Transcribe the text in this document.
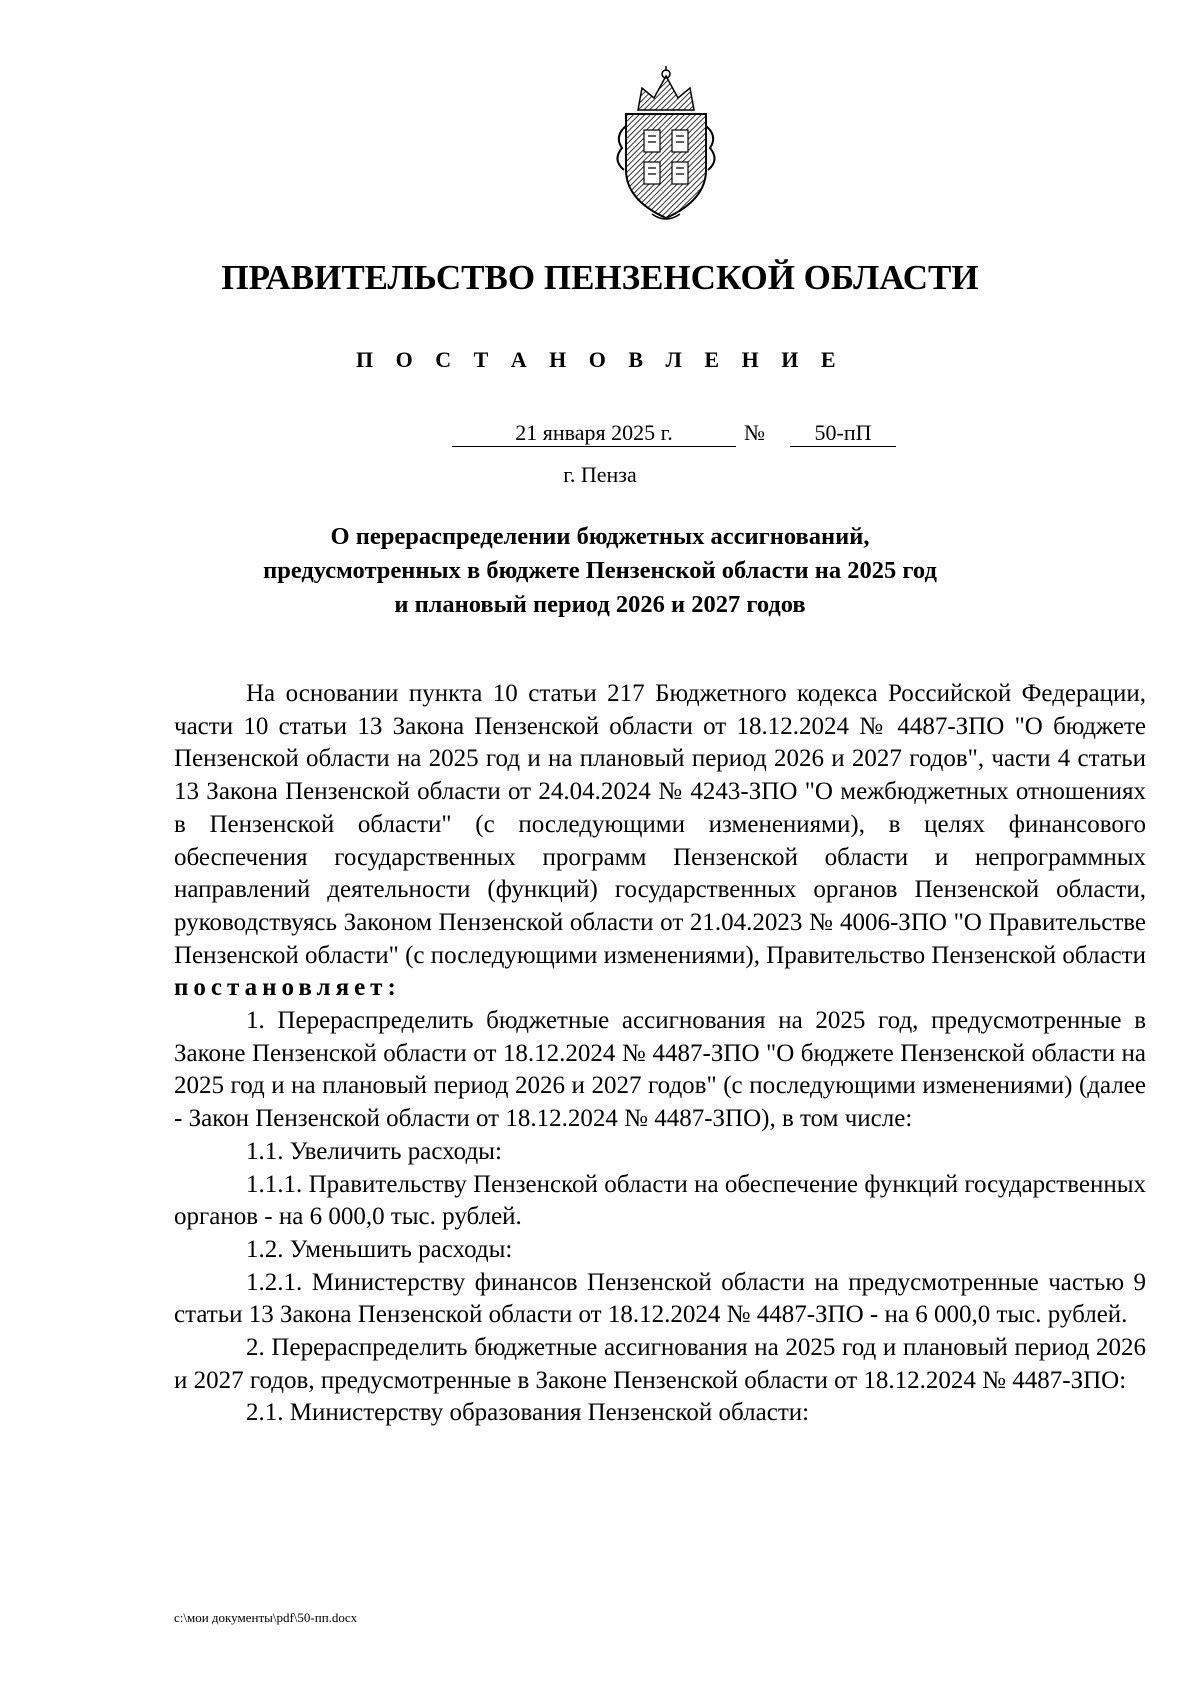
ПРАВИТЕЛЬСТВО ПЕНЗЕНСКОЙ ОБЛАСТИ
П О С Т А Н О В Л Е Н И Е
21 января 2025 г.	№	50-пП
г. Пенза
О перераспределении бюджетных ассигнований,
предусмотренных в бюджете Пензенской области на 2025 год
и плановый период 2026 и 2027 годов

На основании пункта 10 статьи 217 Бюджетного кодекса Российской Федерации, части 10 статьи 13 Закона Пензенской области от 18.12.2024 № 4487-ЗПО "О бюджете Пензенской области на 2025 год и на плановый период 2026 и 2027 годов", части 4 статьи 13 Закона Пензенской области от 24.04.2024 № 4243-ЗПО "О межбюджетных отношениях в Пензенской области" (с последующими изменениями), в целях финансового обеспечения государственных программ Пензенской области и непрограммных направлений деятельности (функций) государственных органов Пензенской области, руководствуясь Законом Пензенской области от 21.04.2023 № 4006-ЗПО "О Правительстве Пензенской области" (с последующими изменениями), Правительство Пензенской области постановляет:

1. Перераспределить бюджетные ассигнования на 2025 год, предусмотренные в Законе Пензенской области от 18.12.2024 № 4487-ЗПО "О бюджете Пензенской области на 2025 год и на плановый период 2026 и 2027 годов" (с последующими изменениями) (далее - Закон Пензенской области от 18.12.2024 № 4487-ЗПО), в том числе:

1.1. Увеличить расходы:

1.1.1. Правительству Пензенской области на обеспечение функций государственных органов - на 6 000,0 тыс. рублей.

1.2. Уменьшить расходы:

1.2.1. Министерству финансов Пензенской области на предусмотренные частью 9 статьи 13 Закона Пензенской области от 18.12.2024 № 4487-ЗПО - на 6 000,0 тыс. рублей.

2. Перераспределить бюджетные ассигнования на 2025 год и плановый период 2026 и 2027 годов, предусмотренные в Законе Пензенской области от 18.12.2024 № 4487-ЗПО:

2.1. Министерству образования Пензенской области:

c:\мои документы\pdf\50-пп.docx
